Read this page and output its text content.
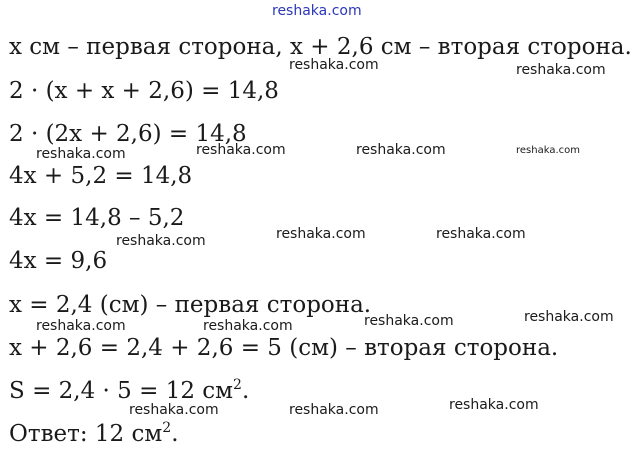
reshaka.com
x см – первая сторона, x + 2,6 см – вторая сторона.
2 · (x + x + 2,6) = 14,8
2 · (2x + 2,6) = 14,8
4x + 5,2 = 14,8
4x = 14,8 – 5,2
4x = 9,6
x = 2,4 (см) – первая сторона.
x + 2,6 = 2,4 + 2,6 = 5 (см) – вторая сторона.
S = 2,4 · 5 = 12 $см^2$.
Ответ: 12 $см^2$.
reshaka.com	reshaka.com
reshaka.com	reshaka.com	reshaka.com	reshaka.com
reshaka.com	reshaka.com	reshaka.com
reshaka.com	reshaka.com	reshaka.com	reshaka.com
reshaka.com	reshaka.com	reshaka.com
